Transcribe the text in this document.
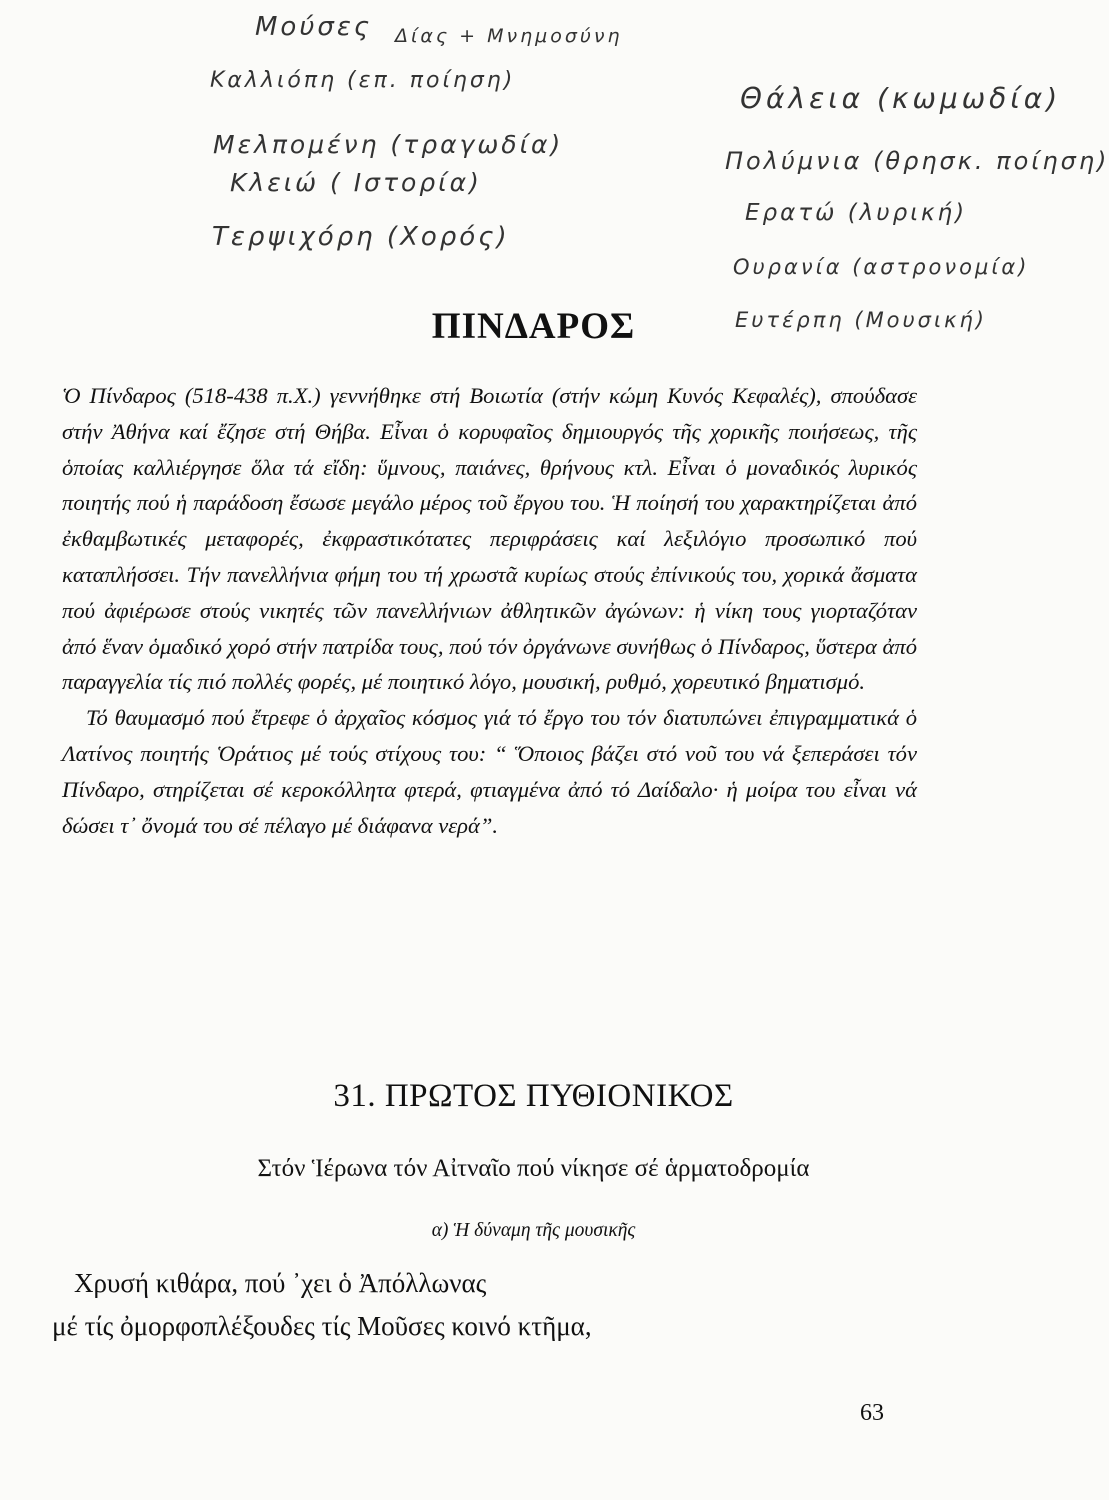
Μούσες Δίας + Μνημοσύνη
Καλλιόπη (επ. ποίηση)
Θάλεια (κωμωδία)
Μελπομένη (τραγωδία)
Πολύμνια (θρησκ. ποίηση)
Κλειώ ( Ιστορία)
Ερατώ (λυρική)
Τερψιχόρη (Χορός)
Ουρανία (αστρονομία)
Ευτέρπη (Μουσική)
ΠΙΝΔΑΡΟΣ

Ὁ Πίνδαρος (518-438 π.Χ.) γεννήθηκε στή Βοιωτία (στήν κώμη Κυνός Κεφαλές), σπούδασε στήν Ἀθήνα καί ἔζησε στή Θήβα. Εἶναι ὁ κορυφαῖος δημιουργός τῆς χορικῆς ποιήσεως, τῆς ὁποίας καλλιέργησε ὅλα τά εἴδη: ὕμνους, παιάνες, θρήνους κτλ. Εἶναι ὁ μοναδικός λυρικός ποιητής πού ἡ παράδοση ἔσωσε μεγάλο μέρος τοῦ ἔργου του. Ἡ ποίησή του χαρακτηρίζεται ἀπό ἐκθαμβωτικές μεταφορές, ἐκφραστικότατες περιφράσεις καί λεξιλόγιο προσωπικό πού καταπλήσσει. Τήν πανελλήνια φήμη του τή χρωστᾶ κυρίως στούς ἐπίνικούς του, χορικά ἄσματα πού ἀφιέρωσε στούς νικητές τῶν πανελλήνιων ἀθλητικῶν ἀγώνων: ἡ νίκη τους γιορταζόταν ἀπό ἕναν ὁμαδικό χορό στήν πατρίδα τους, πού τόν ὀργάνωνε συνήθως ὁ Πίνδαρος, ὕστερα ἀπό παραγγελία τίς πιό πολλές φορές, μέ ποιητικό λόγο, μουσική, ρυθμό, χορευτικό βηματισμό.

Τό θαυμασμό πού ἔτρεφε ὁ ἀρχαῖος κόσμος γιά τό ἔργο του τόν διατυπώνει ἐπιγραμματικά ὁ Λατίνος ποιητής Ὁράτιος μέ τούς στίχους του: “ Ὅποιος βάζει στό νοῦ του νά ξεπεράσει τόν Πίνδαρο, στηρίζεται σέ κεροκόλλητα φτερά, φτιαγμένα ἀπό τό Δαίδαλο· ἡ μοίρα του εἶναι νά δώσει τ᾽ ὄνομά του σέ πέλαγο μέ διάφανα νερά”.

31. ΠΡΩΤΟΣ ΠΥΘΙΟΝΙΚΟΣ
Στόν Ἱέρωνα τόν Αἰτναῖο πού νίκησε σέ ἁρματοδρομία
α) Ἡ δύναμη τῆς μουσικῆς
Χρυσή κιθάρα, πού ᾽χει ὁ Ἀπόλλωνας
μέ τίς ὀμορφοπλέξουδες τίς Μοῦσες κοινό κτῆμα,
63
